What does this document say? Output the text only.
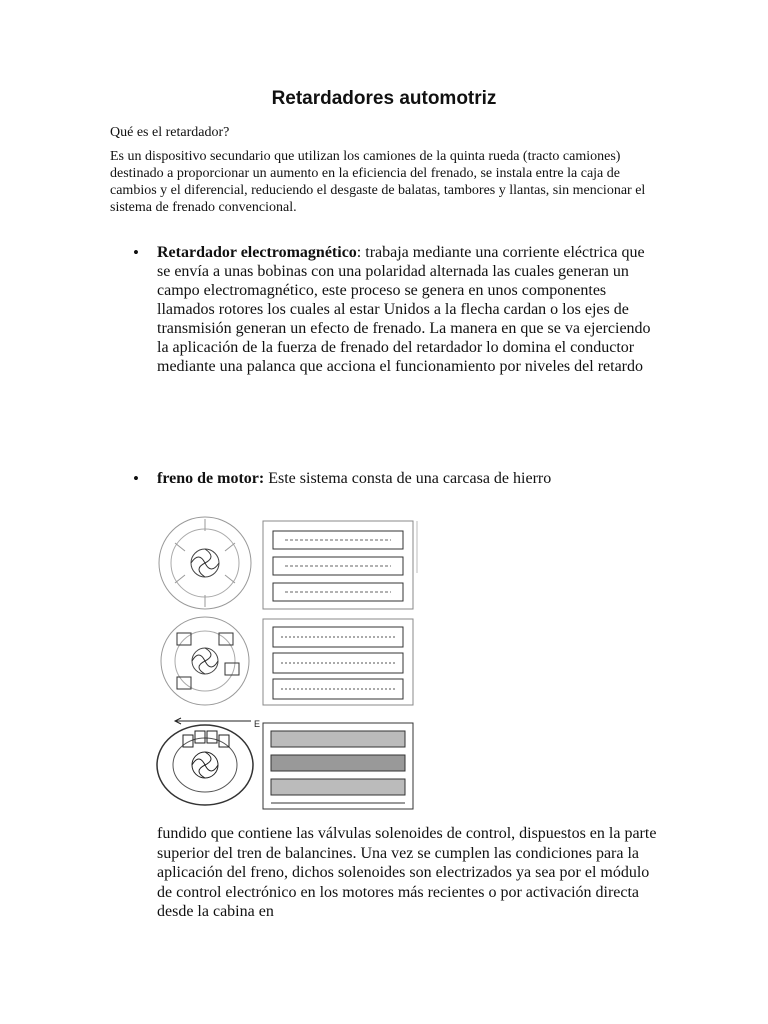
Retardadores automotriz
Qué es el retardador?
Es un dispositivo secundario que utilizan los camiones de la quinta rueda (tracto camiones) destinado a proporcionar un aumento en la eficiencia del frenado, se instala entre la caja de cambios y el diferencial, reduciendo el desgaste de balatas, tambores y llantas, sin mencionar el sistema de frenado convencional.
• Retardador electromagnético: trabaja mediante una corriente eléctrica que se envía a unas bobinas con una polaridad alternada las cuales generan un campo electromagnético, este proceso se genera en unos componentes llamados rotores los cuales al estar Unidos a la flecha cardan o los ejes de transmisión generan un efecto de frenado. La manera en que se va ejerciendo la aplicación de la fuerza de frenado del retardador lo domina el conductor mediante una palanca que acciona el funcionamiento por niveles del retardo
• freno de motor: Este sistema consta de una carcasa de hierro
E
fundido que contiene las válvulas solenoides de control, dispuestos en la parte superior del tren de balancines. Una vez se cumplen las condiciones para la aplicación del freno, dichos solenoides son electrizados ya sea por el módulo de control electrónico en los motores más recientes o por activación directa desde la cabina en
